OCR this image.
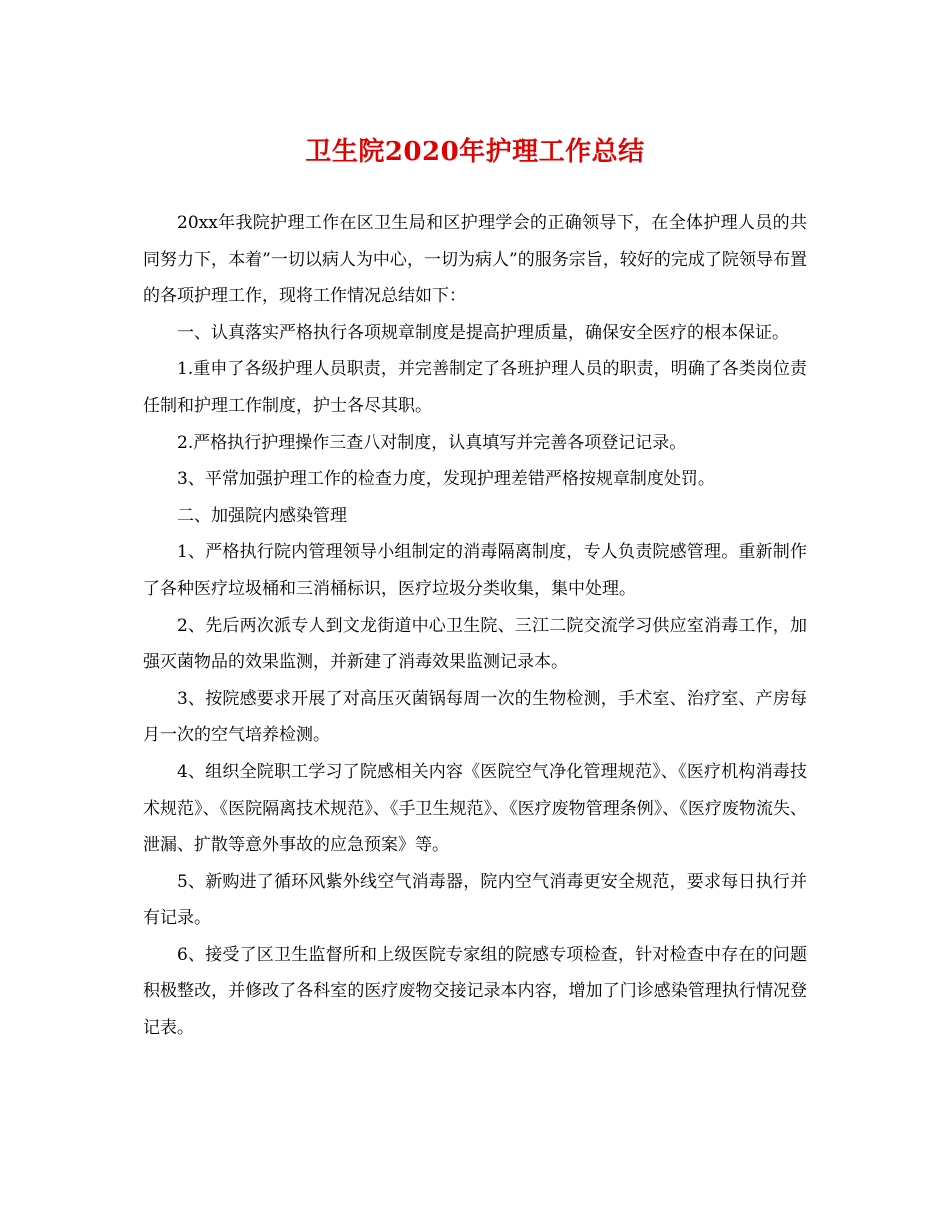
卫生院2020年护理工作总结

20xx年我院护理工作在区卫生局和区护理学会的正确领导下，在全体护理人员的共同努力下，本着”一切以病人为中心，一切为病人”的服务宗旨，较好的完成了院领导布置的各项护理工作，现将工作情况总结如下：

一、认真落实严格执行各项规章制度是提高护理质量，确保安全医疗的根本保证。

1.重申了各级护理人员职责，并完善制定了各班护理人员的职责，明确了各类岗位责任制和护理工作制度，护士各尽其职。

2.严格执行护理操作三查八对制度，认真填写并完善各项登记记录。

3、平常加强护理工作的检查力度，发现护理差错严格按规章制度处罚。

二、加强院内感染管理

1、严格执行院内管理领导小组制定的消毒隔离制度，专人负责院感管理。重新制作了各种医疗垃圾桶和三消桶标识，医疗垃圾分类收集，集中处理。

2、先后两次派专人到文龙街道中心卫生院、三江二院交流学习供应室消毒工作，加强灭菌物品的效果监测，并新建了消毒效果监测记录本。

3、按院感要求开展了对高压灭菌锅每周一次的生物检测，手术室、治疗室、产房每月一次的空气培养检测。

4、组织全院职工学习了院感相关内容《医院空气净化管理规范》、《医疗机构消毒技术规范》、《医院隔离技术规范》、《手卫生规范》、《医疗废物管理条例》、《医疗废物流失、泄漏、扩散等意外事故的应急预案》等。

5、新购进了循环风紫外线空气消毒器，院内空气消毒更安全规范，要求每日执行并有记录。

6、接受了区卫生监督所和上级医院专家组的院感专项检查，针对检查中存在的问题积极整改，并修改了各科室的医疗废物交接记录本内容，增加了门诊感染管理执行情况登记表。
